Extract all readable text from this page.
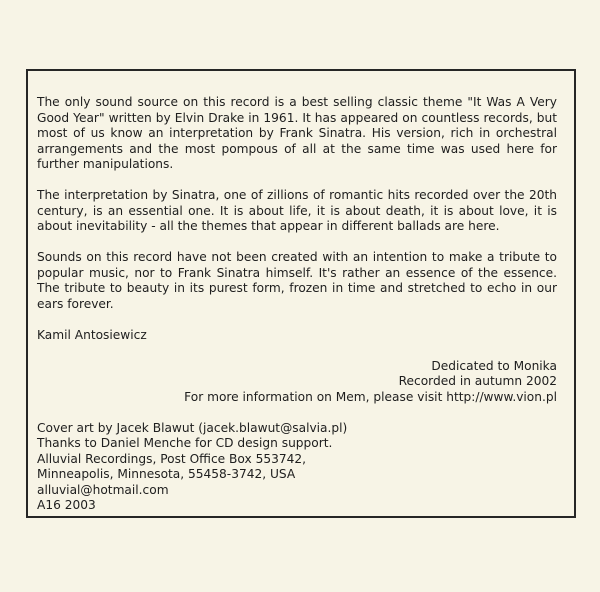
The only sound source on this record is a best selling classic theme "It Was A Very Good Year" written by Elvin Drake in 1961. It has appeared on countless records, but most of us know an interpretation by Frank Sinatra. His version, rich in orchestral arrangements and the most pompous of all at the same time was used here for further manipulations.

The interpretation by Sinatra, one of zillions of romantic hits recorded over the 20th century, is an essential one. It is about life, it is about death, it is about love, it is about inevitability - all the themes that appear in different ballads are here.

Sounds on this record have not been created with an intention to make a tribute to popular music, nor to Frank Sinatra himself. It's rather an essence of the essence. The tribute to beauty in its purest form, frozen in time and stretched to echo in our ears forever.

Kamil Antosiewicz

Dedicated to Monika

Recorded in autumn 2002

For more information on Mem, please visit http://www.vion.pl

Cover art by Jacek Blawut (jacek.blawut@salvia.pl)

Thanks to Daniel Menche for CD design support.

Alluvial Recordings, Post Office Box 553742,

Minneapolis, Minnesota, 55458-3742, USA

alluvial@hotmail.com

A16 2003
